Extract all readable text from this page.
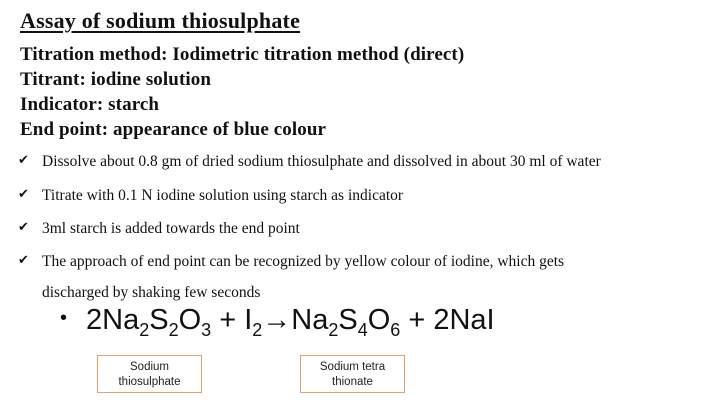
Assay of sodium thiosulphate
Titration method: Iodimetric titration method (direct)
Titrant: iodine solution
Indicator: starch
End point: appearance of blue colour
✔ Dissolve about 0.8 gm of dried sodium thiosulphate and dissolved in about 30 ml of water
✔ Titrate with 0.1 N iodine solution using starch as indicator
✔ 3ml starch is added towards the end point
✔ The approach of end point can be recognized by yellow colour of iodine, which gets
discharged by shaking few seconds
• $2Na_2S_2O_3 + I_2\to Na_2S_4O_6 + 2NaI$
Sodium
thiosulphate
Sodium tetra
thionate
